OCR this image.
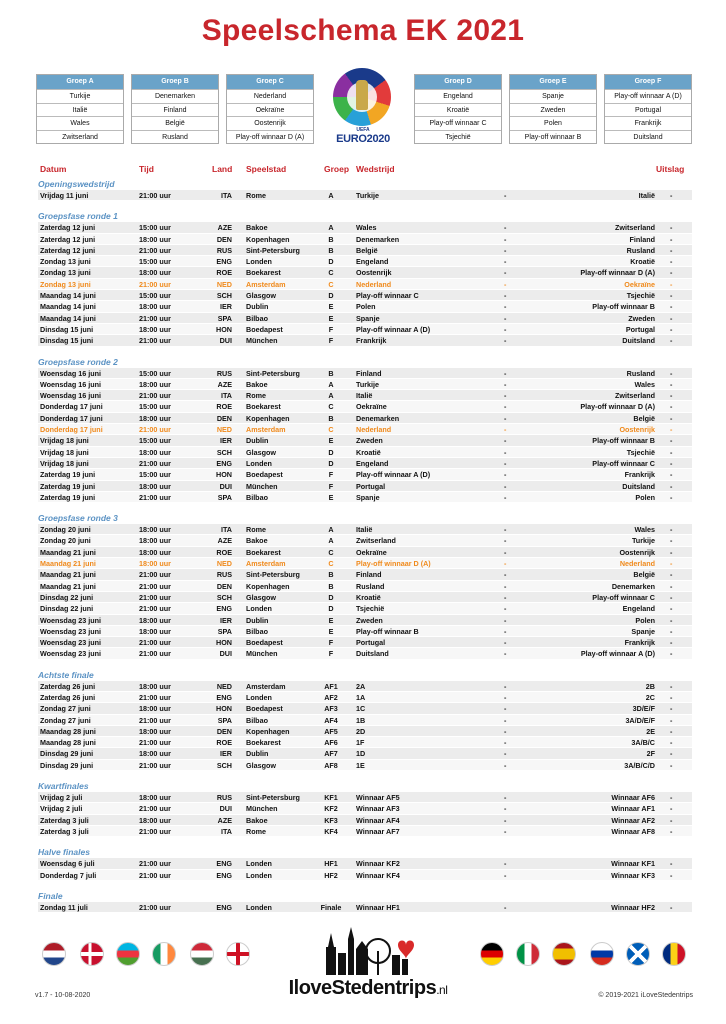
Speelschema EK 2021
Groep A
Turkije
Italië
Wales
Zwitserland
Groep B
Denemarken
Finland
België
Rusland
Groep C
Nederland
Oekraïne
Oostenrijk
Play-off winnaar D (A)
Groep D
Engeland
Kroatië
Play-off winnaar C
Tsjechië
Groep E
Spanje
Zweden
Polen
Play-off winnaar B
Groep F
Play-off winnaar A (D)
Portugal
Frankrijk
Duitsland
UEFA
EURO2020
Datum	Tijd	Land Speelstad	Groep Wedstrijd	Uitslag
Openingswedstrijd
Vrijdag 11 juni	21:00 uur	ITA Rome	A	Turkije	-	Italië -
Groepsfase ronde 1
Zaterdag 12 juni	15:00 uur	AZE Bakoe	A	Wales	-	Zwitserland -
Zaterdag 12 juni	18:00 uur	DEN Kopenhagen	B	Denemarken	-	Finland -
Zaterdag 12 juni	21:00 uur	RUS Sint-Petersburg	B	België	-	Rusland -
Zondag 13 juni	15:00 uur	ENG Londen	D	Engeland	-	Kroatië -
Zondag 13 juni	18:00 uur	ROE Boekarest	C	Oostenrijk	-	Play-off winnaar D (A) -
Zondag 13 juni	21:00 uur	NED Amsterdam	C	Nederland	-	Oekraïne -
Maandag 14 juni	15:00 uur	SCH Glasgow	D	Play-off winnaar C	-	Tsjechië -
Maandag 14 juni	18:00 uur	IER Dublin	E	Polen	-	Play-off winnaar B -
Maandag 14 juni	21:00 uur	SPA Bilbao	E	Spanje	-	Zweden -
Dinsdag 15 juni	18:00 uur	HON Boedapest	F	Play-off winnaar A (D)	-	Portugal -
Dinsdag 15 juni	21:00 uur	DUI München	F	Frankrijk	-	Duitsland -
Groepsfase ronde 2
Woensdag 16 juni	15:00 uur	RUS Sint-Petersburg	B	Finland	-	Rusland -
Woensdag 16 juni	18:00 uur	AZE Bakoe	A	Turkije	-	Wales -
Woensdag 16 juni	21:00 uur	ITA Rome	A	Italië	-	Zwitserland -
Donderdag 17 juni	15:00 uur	ROE Boekarest	C	Oekraïne	-	Play-off winnaar D (A) -
Donderdag 17 juni	18:00 uur	DEN Kopenhagen	B	Denemarken	-	België -
Donderdag 17 juni	21:00 uur	NED Amsterdam	C	Nederland	-	Oostenrijk -
Vrijdag 18 juni	15:00 uur	IER Dublin	E	Zweden	-	Play-off winnaar B -
Vrijdag 18 juni	18:00 uur	SCH Glasgow	D	Kroatië	-	Tsjechië -
Vrijdag 18 juni	21:00 uur	ENG Londen	D	Engeland	-	Play-off winnaar C -
Zaterdag 19 juni	15:00 uur	HON Boedapest	F	Play-off winnaar A (D)	-	Frankrijk -
Zaterdag 19 juni	18:00 uur	DUI München	F	Portugal	-	Duitsland -
Zaterdag 19 juni	21:00 uur	SPA Bilbao	E	Spanje	-	Polen -
Groepsfase ronde 3
Zondag 20 juni	18:00 uur	ITA Rome	A	Italië	-	Wales -
Zondag 20 juni	18:00 uur	AZE Bakoe	A	Zwitserland	-	Turkije -
Maandag 21 juni	18:00 uur	ROE Boekarest	C	Oekraïne	-	Oostenrijk -
Maandag 21 juni	18:00 uur	NED Amsterdam	C	Play-off winnaar D (A)	-	Nederland -
Maandag 21 juni	21:00 uur	RUS Sint-Petersburg	B	Finland	-	België -
Maandag 21 juni	21:00 uur	DEN Kopenhagen	B	Rusland	-	Denemarken -
Dinsdag 22 juni	21:00 uur	SCH Glasgow	D	Kroatië	-	Play-off winnaar C -
Dinsdag 22 juni	21:00 uur	ENG Londen	D	Tsjechië	-	Engeland -
Woensdag 23 juni	18:00 uur	IER Dublin	E	Zweden	-	Polen -
Woensdag 23 juni	18:00 uur	SPA Bilbao	E	Play-off winnaar B	-	Spanje -
Woensdag 23 juni	21:00 uur	HON Boedapest	F	Portugal	-	Frankrijk -
Woensdag 23 juni	21:00 uur	DUI München	F	Duitsland	-	Play-off winnaar A (D) -
Achtste finale
Zaterdag 26 juni	18:00 uur	NED Amsterdam	AF1	2A	-	2B -
Zaterdag 26 juni	21:00 uur	ENG Londen	AF2	1A	-	2C -
Zondag 27 juni	18:00 uur	HON Boedapest	AF3	1C	-	3D/E/F -
Zondag 27 juni	21:00 uur	SPA Bilbao	AF4	1B	-	3A/D/E/F -
Maandag 28 juni	18:00 uur	DEN Kopenhagen	AF5	2D	-	2E -
Maandag 28 juni	21:00 uur	ROE Boekarest	AF6	1F	-	3A/B/C -
Dinsdag 29 juni	18:00 uur	IER Dublin	AF7	1D	-	2F -
Dinsdag 29 juni	21:00 uur	SCH Glasgow	AF8	1E	-	3A/B/C/D -
Kwartfinales
Vrijdag 2 juli	18:00 uur	RUS Sint-Petersburg	KF1	Winnaar AF5	-	Winnaar AF6 -
Vrijdag 2 juli	21:00 uur	DUI München	KF2	Winnaar AF3	-	Winnaar AF1 -
Zaterdag 3 juli	18:00 uur	AZE Bakoe	KF3	Winnaar AF4	-	Winnaar AF2 -
Zaterdag 3 juli	21:00 uur	ITA Rome	KF4	Winnaar AF7	-	Winnaar AF8 -
Halve finales
Woensdag 6 juli	21:00 uur	ENG Londen	HF1	Winnaar KF2	-	Winnaar KF1 -
Donderdag 7 juli	21:00 uur	ENG Londen	HF2	Winnaar KF4	-	Winnaar KF3 -
Finale
Zondag 11 juli	21:00 uur	ENG Londen	Finale Winnaar HF1	-	Winnaar HF2 -
IloveStedentrips.nl
v1.7 - 10-08-2020	© 2019-2021 iLoveStedentrips
